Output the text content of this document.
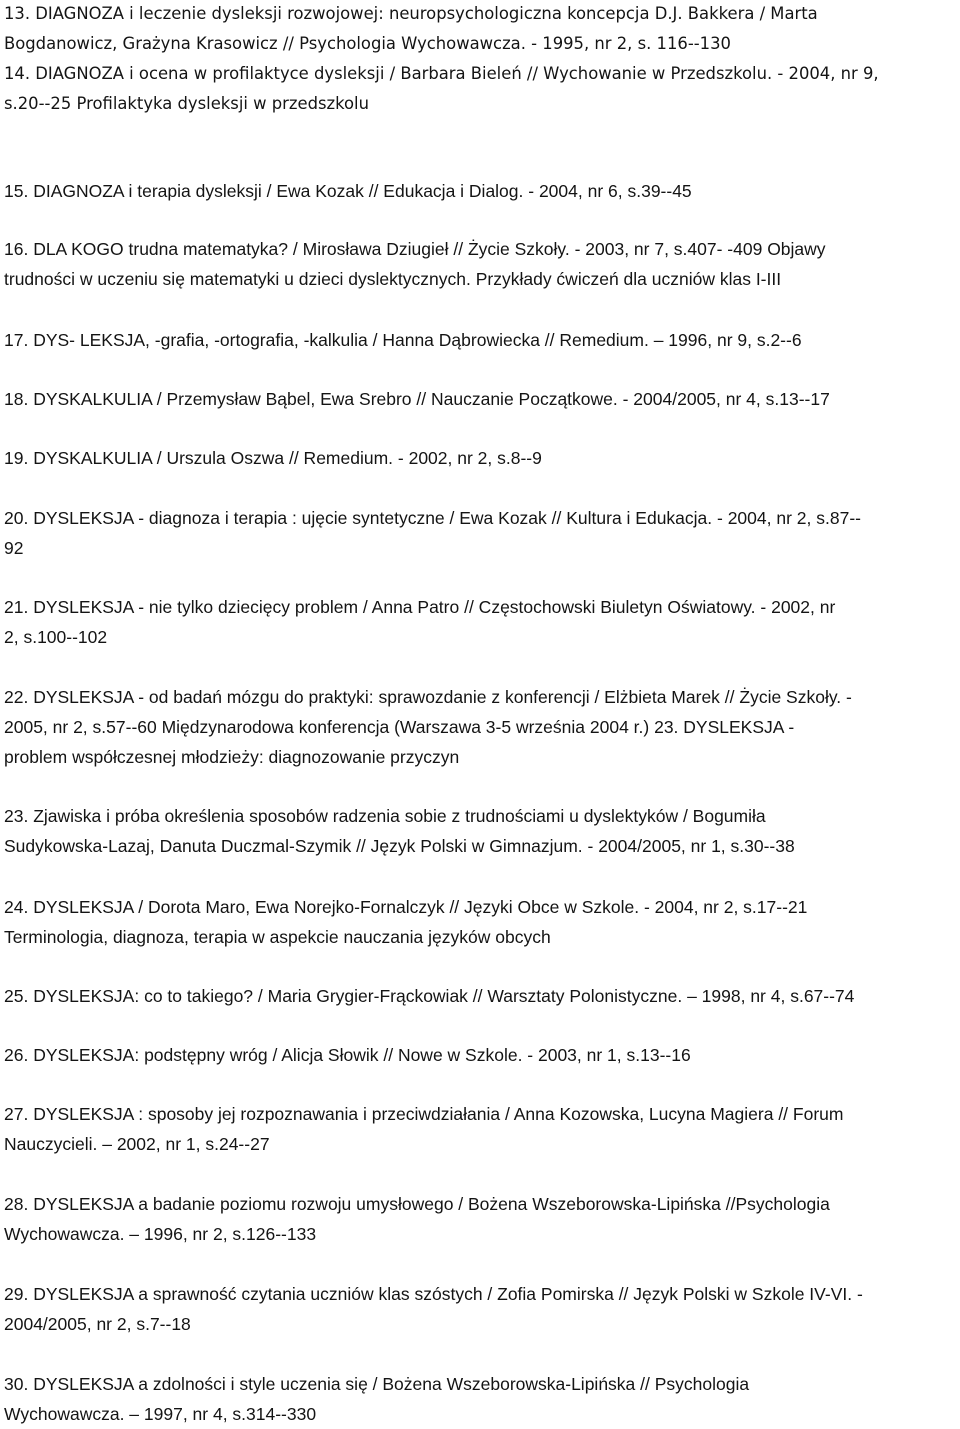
13. DIAGNOZA i leczenie dysleksji rozwojowej: neuropsychologiczna koncepcja D.J. Bakkera / Marta
Bogdanowicz, Grażyna Krasowicz // Psychologia Wychowawcza. - 1995, nr 2, s. 116--130

14. DIAGNOZA i ocena w profilaktyce dysleksji / Barbara Bieleń // Wychowanie w Przedszkolu. - 2004, nr 9,
s.20--25 Profilaktyka dysleksji w przedszkolu

15. DIAGNOZA i terapia dysleksji / Ewa Kozak // Edukacja i Dialog. - 2004, nr 6, s.39--45

16. DLA KOGO trudna matematyka? / Mirosława Dziugieł // Życie Szkoły. - 2003, nr 7, s.407- -409 Objawy
trudności w uczeniu się matematyki u dzieci dyslektycznych. Przykłady ćwiczeń dla uczniów klas I-III

17. DYS- LEKSJA, -grafia, -ortografia, -kalkulia / Hanna Dąbrowiecka // Remedium. – 1996, nr 9, s.2--6

18. DYSKALKULIA / Przemysław Bąbel, Ewa Srebro // Nauczanie Początkowe. - 2004/2005, nr 4, s.13--17

19. DYSKALKULIA / Urszula Oszwa // Remedium. - 2002, nr 2, s.8--9

20. DYSLEKSJA - diagnoza i terapia : ujęcie syntetyczne / Ewa Kozak // Kultura i Edukacja. - 2004, nr 2, s.87--
92

21. DYSLEKSJA - nie tylko dziecięcy problem / Anna Patro // Częstochowski Biuletyn Oświatowy. - 2002, nr
2, s.100--102

22. DYSLEKSJA - od badań mózgu do praktyki: sprawozdanie z konferencji / Elżbieta Marek // Życie Szkoły. -
2005, nr 2, s.57--60 Międzynarodowa konferencja (Warszawa 3-5 września 2004 r.) 23. DYSLEKSJA -
problem współczesnej młodzieży: diagnozowanie przyczyn

23. Zjawiska i próba określenia sposobów radzenia sobie z trudnościami u dyslektyków / Bogumiła
Sudykowska-Lazaj, Danuta Duczmal-Szymik // Język Polski w Gimnazjum. - 2004/2005, nr 1, s.30--38

24. DYSLEKSJA / Dorota Maro, Ewa Norejko-Fornalczyk // Języki Obce w Szkole. - 2004, nr 2, s.17--21
Terminologia, diagnoza, terapia w aspekcie nauczania języków obcych

25. DYSLEKSJA: co to takiego? / Maria Grygier-Frąckowiak // Warsztaty Polonistyczne. – 1998, nr 4, s.67--74

26. DYSLEKSJA: podstępny wróg / Alicja Słowik // Nowe w Szkole. - 2003, nr 1, s.13--16

27. DYSLEKSJA : sposoby jej rozpoznawania i przeciwdziałania / Anna Kozowska, Lucyna Magiera // Forum
Nauczycieli. – 2002, nr 1, s.24--27

28. DYSLEKSJA a badanie poziomu rozwoju umysłowego / Bożena Wszeborowska-Lipińska //Psychologia
Wychowawcza. – 1996, nr 2, s.126--133

29. DYSLEKSJA a sprawność czytania uczniów klas szóstych / Zofia Pomirska // Język Polski w Szkole IV-VI. -
2004/2005, nr 2, s.7--18

30. DYSLEKSJA a zdolności i style uczenia się / Bożena Wszeborowska-Lipińska // Psychologia
Wychowawcza. – 1997, nr 4, s.314--330
